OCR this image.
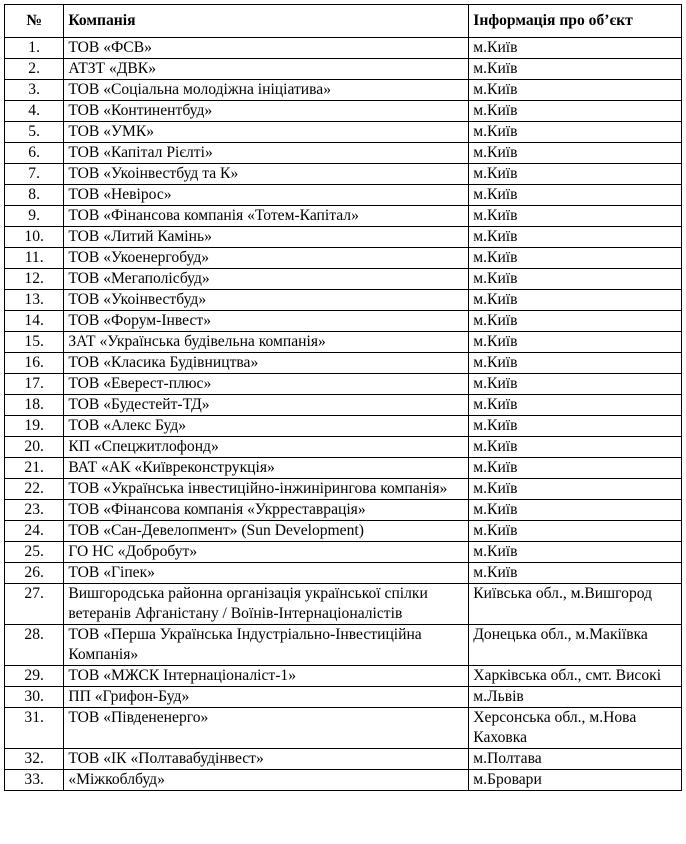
№	Компанія	Інформація про об’єкт
1.	ТОВ «ФСВ»	м.Київ
2.	АТЗТ «ДВК»	м.Київ
3.	ТОВ «Соціальна молодіжна ініціатива»	м.Київ
4.	ТОВ «Континентбуд»	м.Київ
5.	ТОВ «УМК»	м.Київ
6.	ТОВ «Капітал Рієлті»	м.Київ
7.	ТОВ «Укоінвестбуд та К»	м.Київ
8.	ТОВ «Невірос»	м.Київ
9.	ТОВ «Фінансова компанія «Тотем-Капітал»	м.Київ
10.	ТОВ «Литий Камінь»	м.Київ
11.	ТОВ «Укоенергобуд»	м.Київ
12.	ТОВ «Мегаполісбуд»	м.Київ
13.	ТОВ «Укоінвестбуд»	м.Київ
14.	ТОВ «Форум-Інвест»	м.Київ
15.	ЗАТ «Українська будівельна компанія»	м.Київ
16.	ТОВ «Класика Будівництва»	м.Київ
17.	ТОВ «Еверест-плюс»	м.Київ
18.	ТОВ «Будестейт-ТД»	м.Київ
19.	ТОВ «Алекс Буд»	м.Київ
20.	КП «Спецжитлофонд»	м.Київ
21.	ВАТ «АК «Київреконструкція»	м.Київ
22.	ТОВ «Українська інвестиційно-інжинірингова компанія»	м.Київ
23.	ТОВ «Фінансова компанія «Укрреставрація»	м.Київ
24.	ТОВ «Сан-Девелопмент» (Sun Development)	м.Київ
25.	ГО НС «Добробут»	м.Київ
26.	ТОВ «Гіпек»	м.Київ
27.	Вишгородська районна організація української спілки ветеранів Афганістану / Воїнів-Інтернаціоналістів	Київська обл., м.Вишгород
28.	ТОВ «Перша Українська Індустріально-Інвестиційна Компанія»	Донецька обл., м.Макіївка
29.	ТОВ «МЖСК Інтернаціоналіст-1»	Харківська обл., смт. Високі
30.	ПП «Грифон-Буд»	м.Львів
31.	ТОВ «Південенерго»	Херсонська обл., м.Нова Каховка
32.	ТОВ «ІК «Полтавабудінвест»	м.Полтава
33.	«Міжкоблбуд»	м.Бровари
